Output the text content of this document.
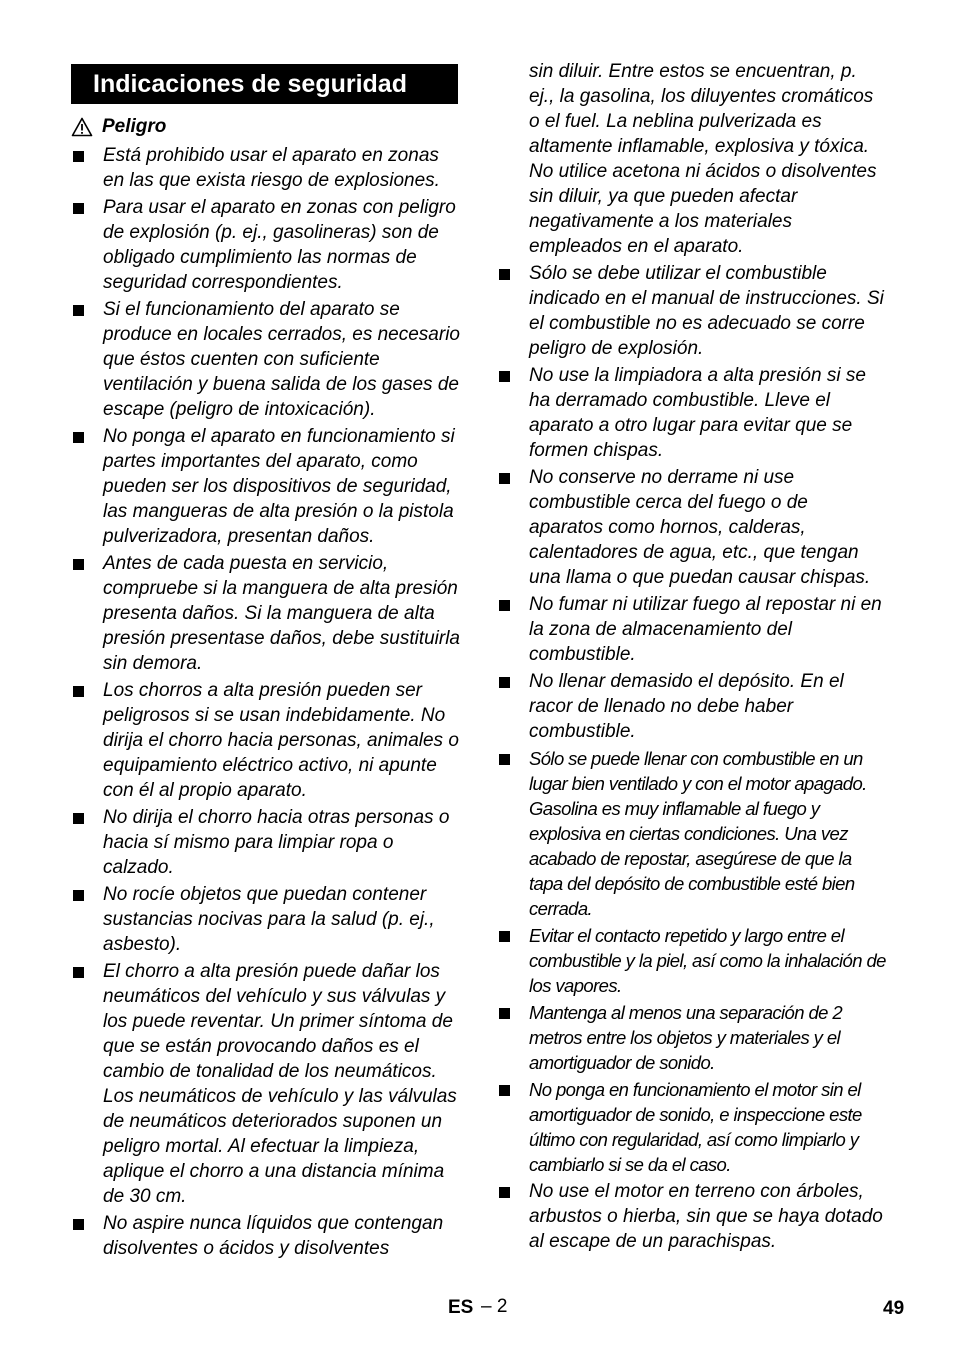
Indicaciones de seguridad
Peligro
Está prohibido usar el aparato en zonas en las que exista riesgo de explosiones.
Para usar el aparato en zonas con peligro de explosión (p. ej., gasolineras) son de obligado cumplimiento las normas de seguridad correspondientes.
Si el funcionamiento del aparato se produce en locales cerrados, es necesario que éstos cuenten con suficiente ventilación y buena salida de los gases de escape (peligro de intoxicación).
No ponga el aparato en funcionamiento si partes importantes del aparato, como pueden ser los dispositivos de seguridad, las mangueras de alta presión o la pistola pulverizadora, presentan daños.
Antes de cada puesta en servicio, compruebe si la manguera de alta presión presenta daños. Si la manguera de alta presión presentase daños, debe sustituirla sin demora.
Los chorros a alta presión pueden ser peligrosos si se usan indebidamente. No dirija el chorro hacia personas, animales o equipamiento eléctrico activo, ni apunte con él al propio aparato.
No dirija el chorro hacia otras personas o hacia sí mismo para limpiar ropa o calzado.
No rocíe objetos que puedan contener sustancias nocivas para la salud (p. ej., asbesto).
El chorro a alta presión puede dañar los neumáticos del vehículo y sus válvulas y los puede reventar. Un primer síntoma de que se están provocando daños es el cambio de tonalidad de los neumáticos. Los neumáticos de vehículo y las válvulas de neumáticos deteriorados suponen un peligro mortal. Al efectuar la limpieza, aplique el chorro a una distancia mínima de 30 cm.
No aspire nunca líquidos que contengan disolventes o ácidos y disolventes
sin diluir. Entre estos se encuentran, p. ej., la gasolina, los diluyentes cromáticos o el fuel. La neblina pulverizada es altamente inflamable, explosiva y tóxica. No utilice acetona ni ácidos o disolventes sin diluir, ya que pueden afectar negativamente a los materiales empleados en el aparato.
Sólo se debe utilizar el combustible indicado en el manual de instrucciones. Si el combustible no es adecuado se corre peligro de explosión.
No use la limpiadora a alta presión si se ha derramado combustible. Lleve el aparato a otro lugar para evitar que se formen chispas.
No conserve no derrame ni use combustible cerca del fuego o de aparatos como hornos, calderas, calentadores de agua, etc., que tengan una llama o que puedan causar chispas.
No fumar ni utilizar fuego al repostar ni en la zona de almacenamiento del combustible.
No llenar demasido el depósito. En el racor de llenado no debe haber combustible.
Sólo se puede llenar con combustible en un lugar bien ventilado y con el motor apagado. Gasolina es muy inflamable al fuego y explosiva en ciertas condiciones. Una vez acabado de repostar, asegúrese de que la tapa del depósito de combustible esté bien cerrada.
Evitar el contacto repetido y largo entre el combustible y la piel, así como la inhalación de los vapores.
Mantenga al menos una separación de 2 metros entre los objetos y materiales y el amortiguador de sonido.
No ponga en funcionamiento el motor sin el amortiguador de sonido, e inspeccione este último con regularidad, así como limpiarlo y cambiarlo si se da el caso.
No use el motor en terreno con árboles, arbustos o hierba, sin que se haya dotado al escape de un parachispas.
ES – 2	49
